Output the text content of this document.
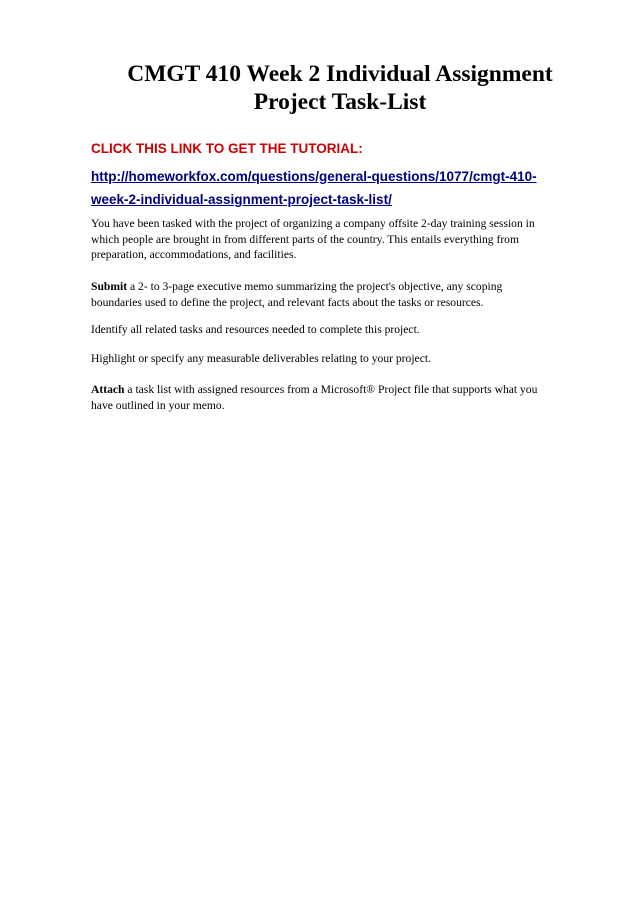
CMGT 410 Week 2 Individual Assignment
Project Task-List

CLICK THIS LINK TO GET THE TUTORIAL:

http://homeworkfox.com/questions/general-questions/1077/cmgt-410-
week-2-individual-assignment-project-task-list/

You have been tasked with the project of organizing a company offsite 2-day training session in
which people are brought in from different parts of the country. This entails everything from
preparation, accommodations, and facilities.

Submit a 2- to 3-page executive memo summarizing the project's objective, any scoping
boundaries used to define the project, and relevant facts about the tasks or resources.

Identify all related tasks and resources needed to complete this project.

Highlight or specify any measurable deliverables relating to your project.

Attach a task list with assigned resources from a Microsoft® Project file that supports what you
have outlined in your memo.
